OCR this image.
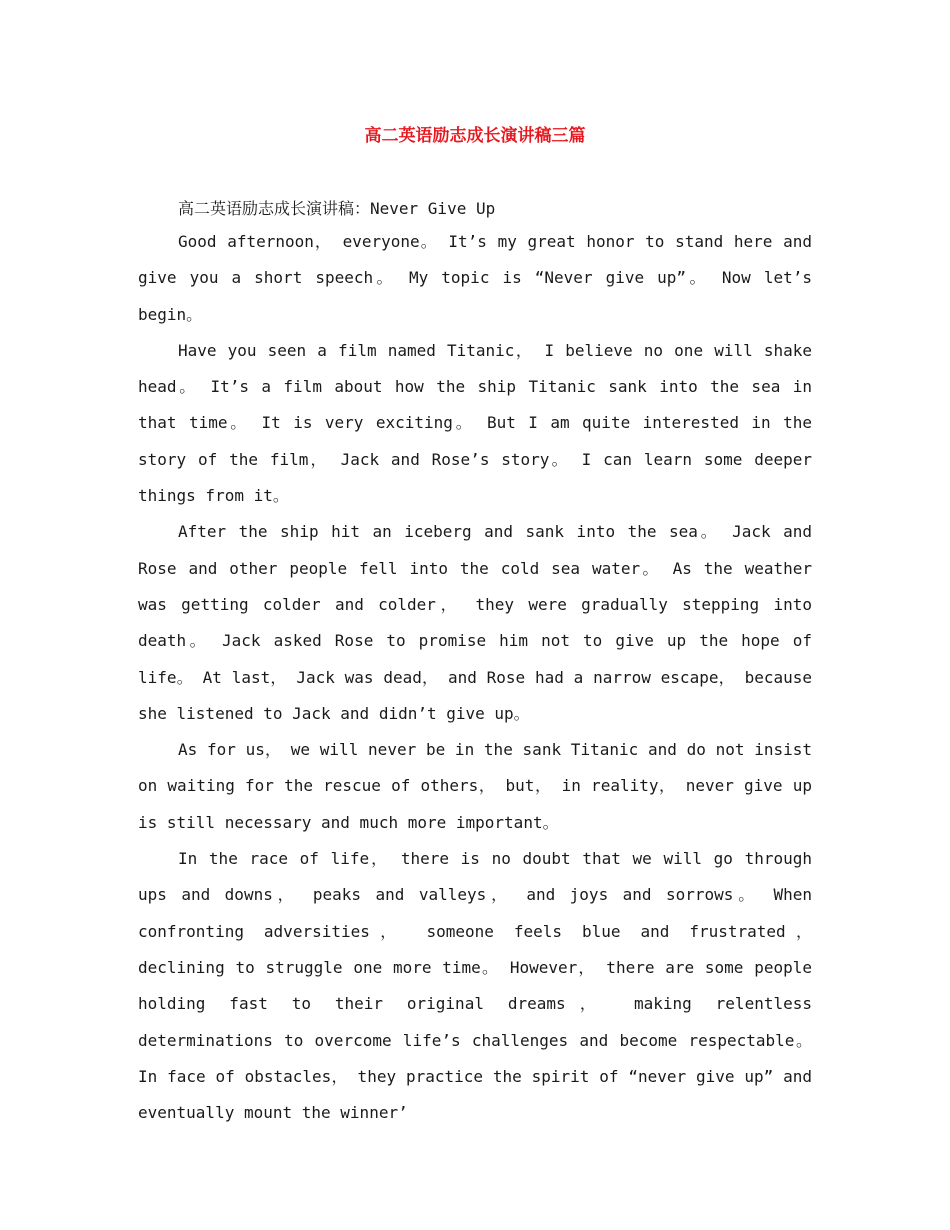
高二英语励志成长演讲稿三篇

高二英语励志成长演讲稿：Never Give Up

Good afternoon， everyone。 It’s my great honor to stand here and give you a short speech。 My topic is “Never give up”。 Now let’s begin。

Have you seen a film named Titanic， I believe no one will shake head。 It’s a film about how the ship Titanic sank into the sea in that time。 It is very exciting。 But I am quite interested in the story of the film， Jack and Rose’s story。 I can learn some deeper things from it。

After the ship hit an iceberg and sank into the sea。 Jack and Rose and other people fell into the cold sea water。 As the weather was getting colder and colder， they were gradually stepping into death。 Jack asked Rose to promise him not to give up the hope of life。 At last， Jack was dead， and Rose had a narrow escape， because she listened to Jack and didn’t give up。

As for us， we will never be in the sank Titanic and do not insist on waiting for the rescue of others， but， in reality， never give up is still necessary and much more important。

In the race of life， there is no doubt that we will go through ups and downs， peaks and valleys， and joys and sorrows。 When confronting adversities， someone feels blue and frustrated， declining to struggle one more time。 However， there are some people holding fast to their original dreams， making relentless determinations to overcome life’s challenges and become respectable。 In face of obstacles， they practice the spirit of “never give up” and eventually mount the winner’
